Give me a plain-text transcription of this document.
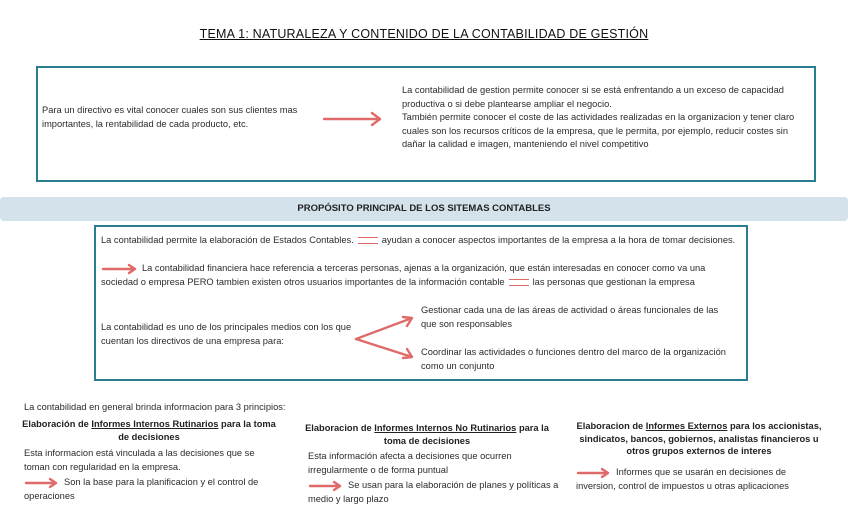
TEMA 1: NATURALEZA Y CONTENIDO DE LA CONTABILIDAD DE GESTIÓN
Para un directivo es vital conocer cuales son sus clientes mas importantes, la rentabilidad de cada producto, etc.
La contabilidad de gestion permite conocer si se está enfrentando a un exceso de capacidad productiva o si debe plantearse ampliar el negocio.
También permite conocer el coste de las actividades realizadas en la organizacion y tener claro cuales son los recursos críticos de la empresa, que le permita, por ejemplo, reducir costes sin dañar la calidad e imagen, manteniendo el nivel competitivo
PROPÓSITO PRINCIPAL DE LOS SITEMAS CONTABLES
La contabilidad permite la elaboración de Estados Contables.	ayudan a conocer aspectos importantes de la empresa a la hora de tomar decisiones.
La contabilidad financiera hace referencia a terceras personas, ajenas a la organización, que están interesadas en conocer como va una sociedad o empresa PERO tambien existen otros usuarios importantes de la información contable	las personas que gestionan la empresa
La contabilidad es uno de los principales medios con los que cuentan los directivos de una empresa para:
Gestionar cada una de las áreas de actividad o áreas funcionales de las que son responsables
Coordinar las actividades o funciones dentro del marco de la organización como un conjunto
La contabilidad en general brinda informacion para 3 principios:
Elaboración de Informes Internos Rutinarios para la toma de decisiones
Esta informacion está vinculada a las decisiones que se toman con regularidad en la empresa.
Son la base para la planificacion y el control de operaciones
Elaboracion de Informes Internos No Rutinarios para la toma de decisiones
Esta información afecta a decisiones que ocurren irregularmente o de forma puntual
Se usan para la elaboración de planes y políticas a medio y largo plazo
Elaboracion de Informes Externos para los accionistas, sindicatos, bancos, gobiernos, analistas financieros u otros grupos externos de interes
Informes que se usarán en decisiones de inversion, control de impuestos u otras aplicaciones
